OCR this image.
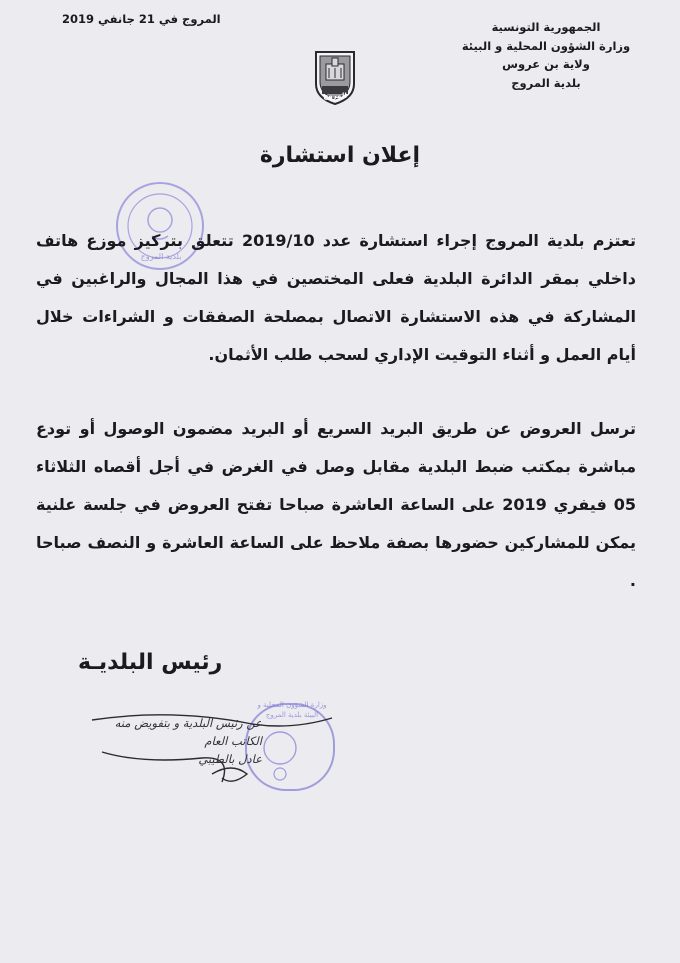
الجمهورية التونسية
وزارة الشؤون المحلية و البيئة
ولاية بن عروس
بلدية المروج
المروج في 21 جانفي 2019
المروج
إعلان استشارة
بلدية المروج
تعتزم بلدية المروج إجراء استشارة عدد 2019/10 تتعلق بتركيز موزع هاتف داخلي بمقر الدائرة البلدية فعلى المختصين في هذا المجال والراغبين في المشاركة في هذه الاستشارة الاتصال بمصلحة الصفقات و الشراءات خلال أيام العمل و أثناء التوقيت الإداري لسحب طلب الأثمان.
ترسل العروض عن طريق البريد السريع أو البريد مضمون الوصول أو تودع مباشرة بمكتب ضبط البلدية مقابل وصل في الغرض في أجل أقصاه الثلاثاء 05 فيفري 2019 على الساعة العاشرة صباحا تفتح العروض في جلسة علنية يمكن للمشاركين حضورها بصفة ملاحظ على الساعة العاشرة و النصف صباحا .
رئيس البلديـة
وزارة الشؤون المحلية و البيئة بلدية المروج
عن رئيس البلدية و بتفويض منه
الكاتب العام
عادل بالطيبي
